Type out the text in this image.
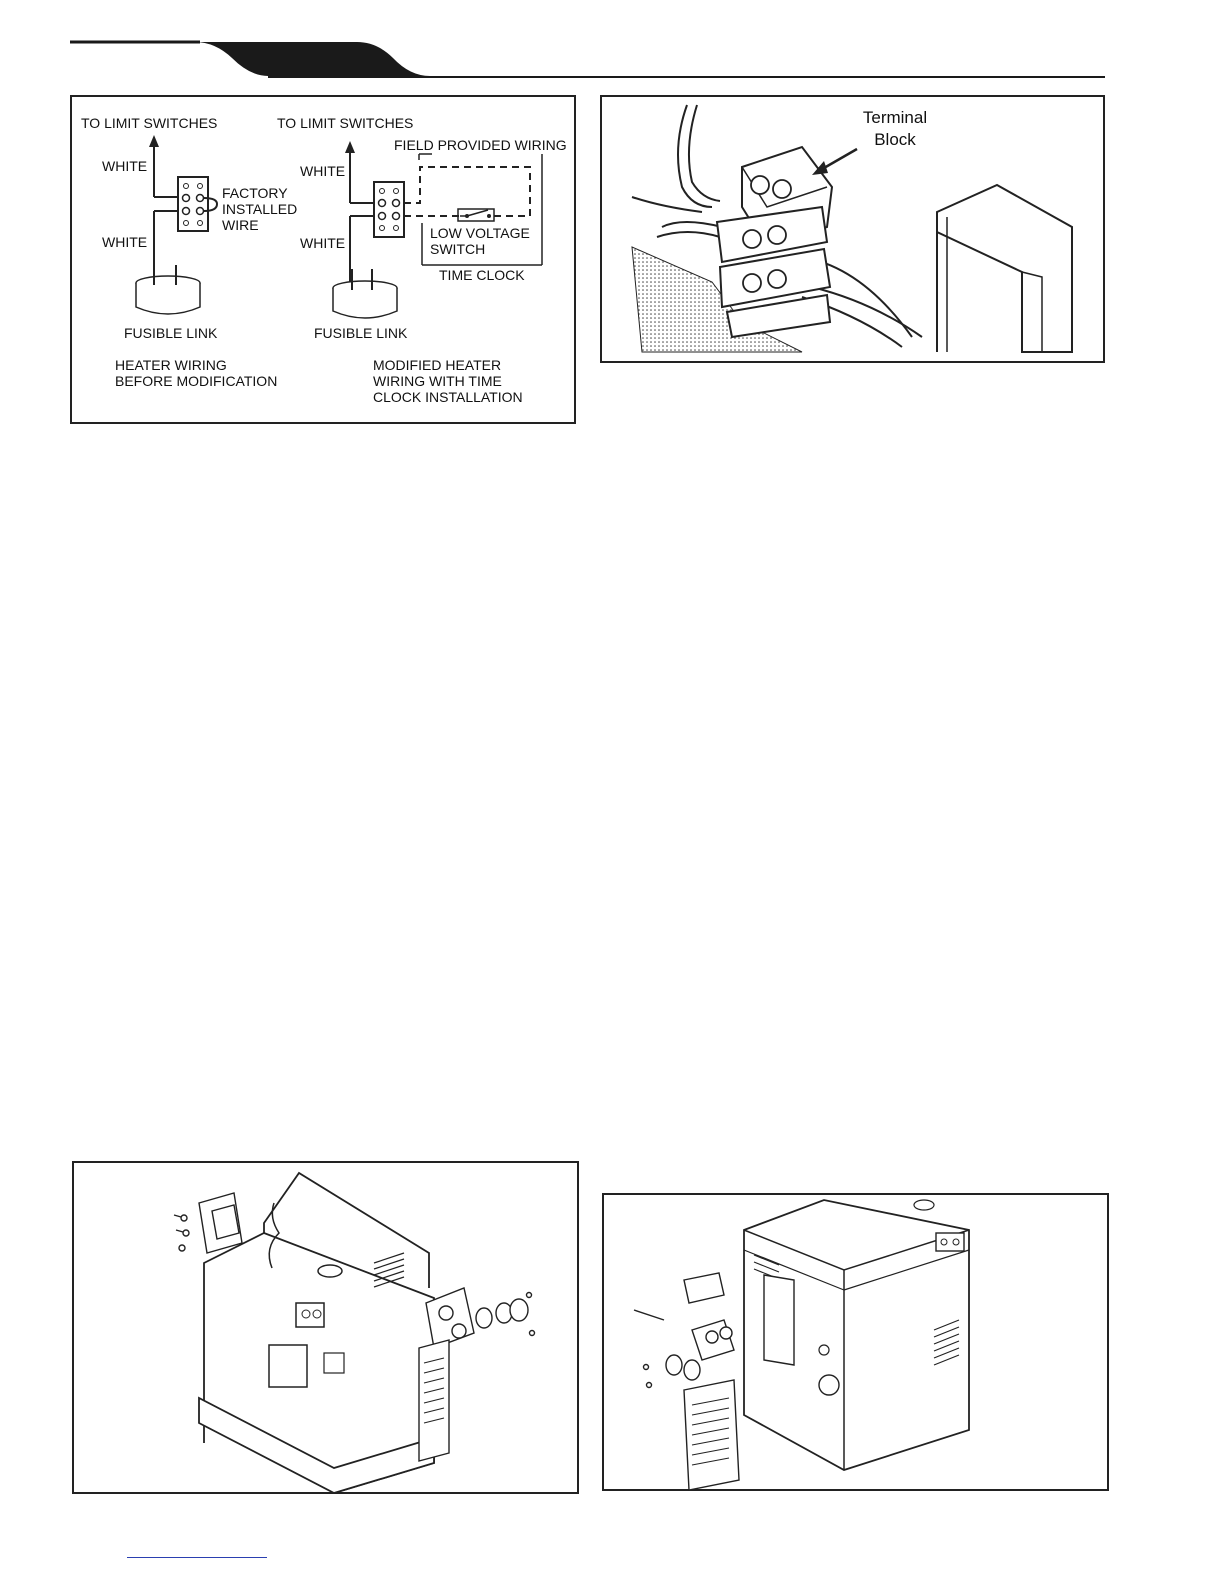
TO LIMIT SWITCHES	TO LIMIT SWITCHES
FIELD PROVIDED WIRING
WHITE
WHITE
WHITE
WHITE
FACTORY
INSTALLED
WIRE	LOW VOLTAGE
SWITCH
TIME CLOCK
FUSIBLE LINK	FUSIBLE LINK
HEATER WIRING
BEFORE MODIFICATION
MODIFIED HEATER
WIRING WITH TIME
CLOCK INSTALLATION
Terminal
Block
